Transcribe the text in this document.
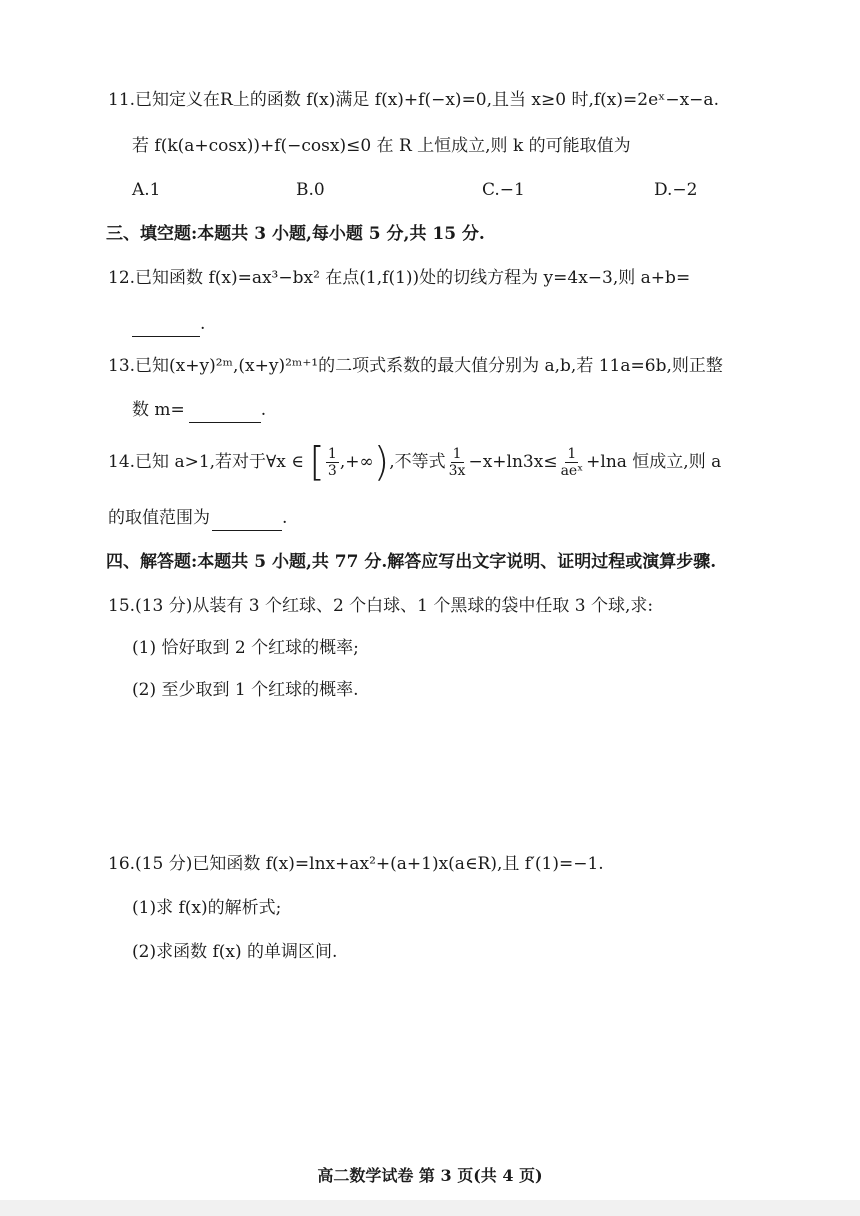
11.已知定义在R上的函数 f(x)满足 f(x)+f(−x)=0,且当 x≥0 时,f(x)=2eˣ−x−a.
若 f(k(a+cosx))+f(−cosx)≤0 在 R 上恒成立,则 k 的可能取值为
A.1	B.0	C.−1	D.−2
三、填空题:本题共 3 小题,每小题 5 分,共 15 分.
12.已知函数 f(x)=ax³−bx² 在点(1,f(1))处的切线方程为 y=4x−3,则 a+b=
.
13.已知(x+y)²ᵐ,(x+y)²ᵐ⁺¹的二项式系数的最大值分别为 a,b,若 11a=6b,则正整
数 m=	.
14.已知 a>1,若对于∀x ∈ [ $\frac{1}{3}$ ,+∞),不等式 $\frac{1}{3x} -x+\ln 3x\le \frac{1}{\text{aeˣ}} +\ln a$ 恒成立,则 a
的取值范围为	.
四、解答题:本题共 5 小题,共 77 分.解答应写出文字说明、证明过程或演算步骤.
15.(13 分)从装有 3 个红球、2 个白球、1 个黑球的袋中任取 3 个球,求:
(1) 恰好取到 2 个红球的概率;
(2) 至少取到 1 个红球的概率.
16.(15 分)已知函数 f(x)=lnx+ax²+(a+1)x(a∈R),且 f′(1)=−1.
(1)求 f(x)的解析式;
(2)求函数 f(x) 的单调区间.
高二数学试卷 第 3 页(共 4 页)
